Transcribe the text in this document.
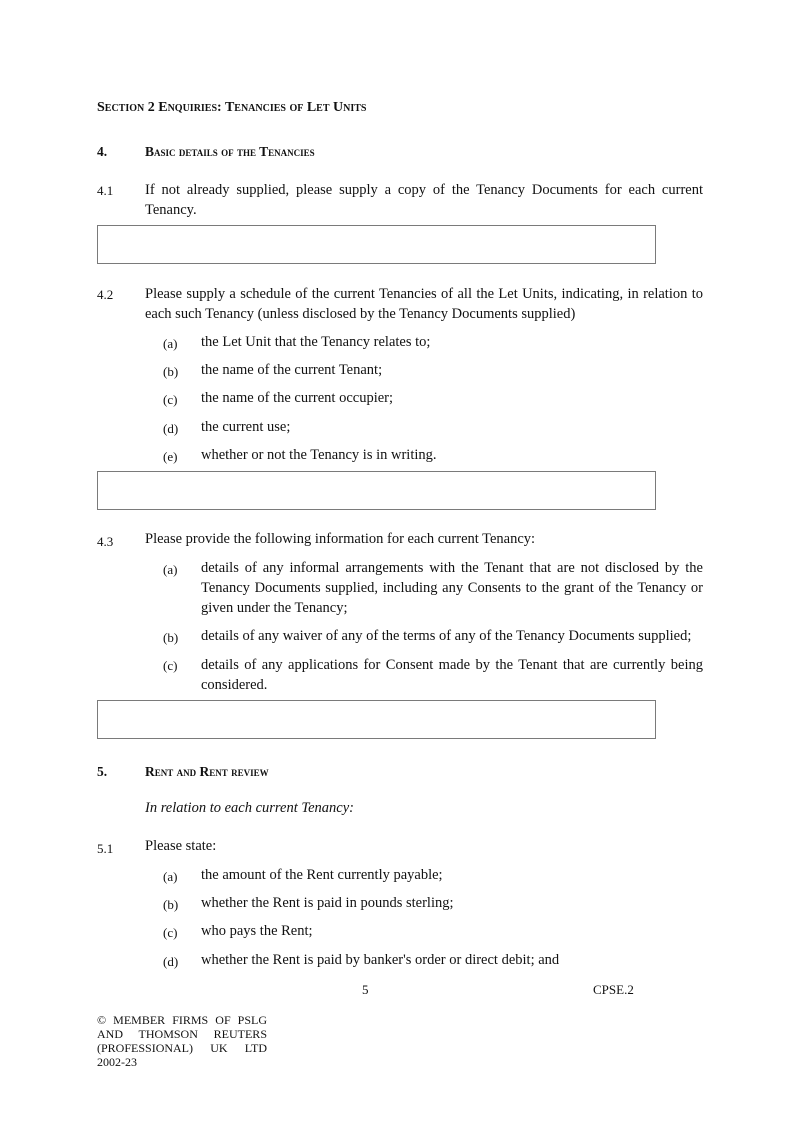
Section 2 Enquiries: Tenancies of Let Units
4.	Basic details of the Tenancies
4.1 If not already supplied, please supply a copy of the Tenancy Documents for each current Tenancy.
4.2 Please supply a schedule of the current Tenancies of all the Let Units, indicating, in relation to each such Tenancy (unless disclosed by the Tenancy Documents supplied)
(a) the Let Unit that the Tenancy relates to;
(b) the name of the current Tenant;
(c) the name of the current occupier;
(d) the current use;
(e) whether or not the Tenancy is in writing.
4.3 Please provide the following information for each current Tenancy:
(a) details of any informal arrangements with the Tenant that are not disclosed by the Tenancy Documents supplied, including any Consents to the grant of the Tenancy or given under the Tenancy;
(b) details of any waiver of any of the terms of any of the Tenancy Documents supplied;
(c) details of any applications for Consent made by the Tenant that are currently being considered.
5.	Rent and Rent review
In relation to each current Tenancy:
5.1 Please state:
(a) the amount of the Rent currently payable;
(b) whether the Rent is paid in pounds sterling;
(c) who pays the Rent;
(d) whether the Rent is paid by banker's order or direct debit; and
5	CPSE.2
© MEMBER FIRMS OF PSLG
AND THOMSON REUTERS
(PROFESSIONAL) UK LTD
2002-23
